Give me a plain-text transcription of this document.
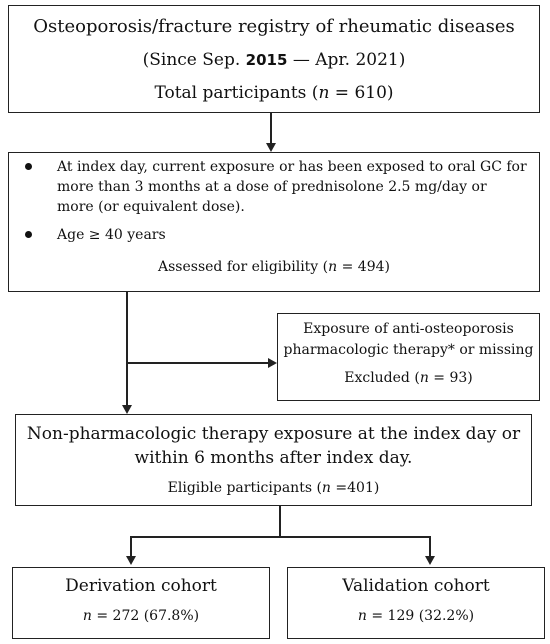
Osteoporosis/fracture registry of rheumatic diseases
(Since Sep. 2015 — Apr. 2021)
Total participants (n = 610)
At index day, current exposure or has been exposed to oral GC for more than 3 months at a dose of prednisolone 2.5 mg/day or more (or equivalent dose).
Age ≥ 40 years
Assessed for eligibility (n = 494)
Exposure of anti-osteoporosis
pharmacologic therapy* or missing
Excluded (n = 93)
Non-pharmacologic therapy exposure at the index day or
within 6 months after index day.
Eligible participants (n =401)
Derivation cohort
n = 272 (67.8%)
Validation cohort
n = 129 (32.2%)
